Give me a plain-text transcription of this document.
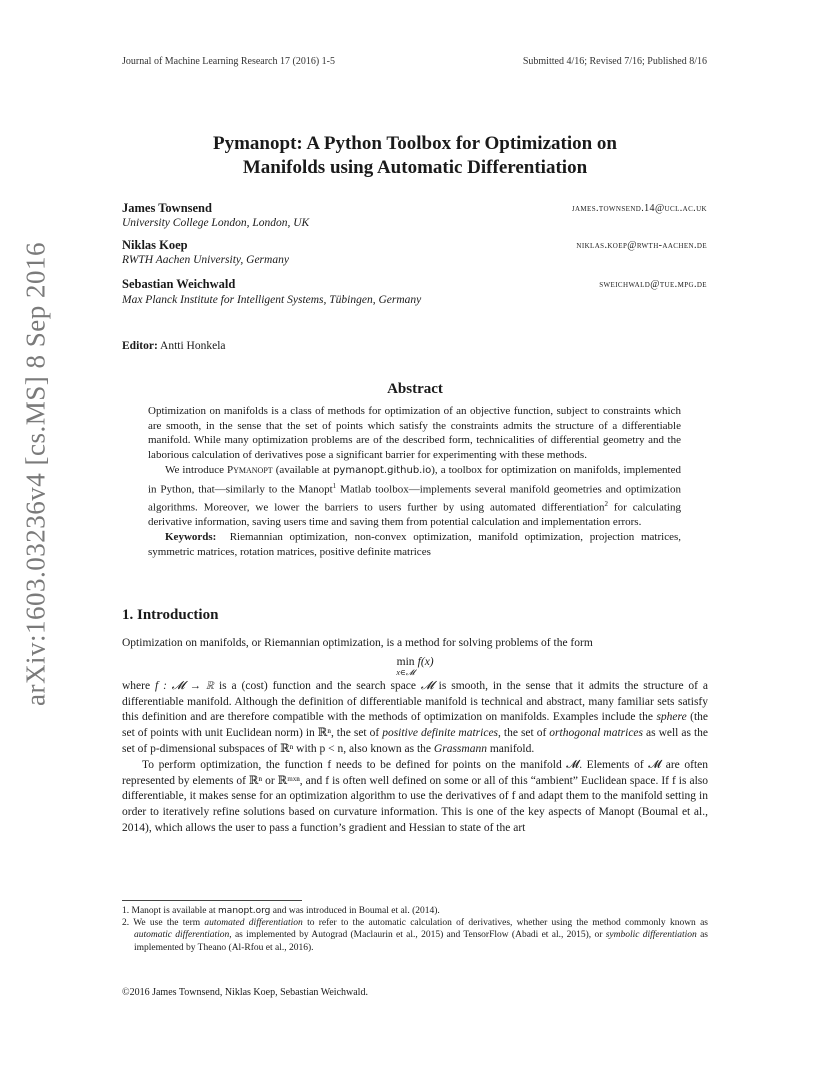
Journal of Machine Learning Research 17 (2016) 1-5	Submitted 4/16; Revised 7/16; Published 8/16
arXiv:1603.03236v4 [cs.MS] 8 Sep 2016
Pymanopt: A Python Toolbox for Optimization on
Manifolds using Automatic Differentiation
James Townsend
University College London, London, UK
james.townsend.14@ucl.ac.uk
Niklas Koep
RWTH Aachen University, Germany
niklas.koep@rwth-aachen.de
Sebastian Weichwald
Max Planck Institute for Intelligent Systems, Tübingen, Germany
sweichwald@tue.mpg.de
Editor: Antti Honkela
Abstract

Optimization on manifolds is a class of methods for optimization of an objective function, subject to constraints which are smooth, in the sense that the set of points which satisfy the constraints admits the structure of a differentiable manifold. While many optimization problems are of the described form, technicalities of differential geometry and the laborious calculation of derivatives pose a significant barrier for experimenting with these methods.

We introduce Pymanopt (available at pymanopt.github.io), a toolbox for optimization on manifolds, implemented in Python, that—similarly to the Manopt$^1$ Matlab toolbox—implements several manifold geometries and optimization algorithms. Moreover, we lower the barriers to users further by using automated differentiation$^2$ for calculating derivative information, saving users time and saving them from potential calculation and implementation errors.

Keywords: Riemannian optimization, non-convex optimization, manifold optimization, projection matrices, symmetric matrices, rotation matrices, positive definite matrices

1. Introduction

Optimization on manifolds, or Riemannian optimization, is a method for solving problems of the form

min
x∈𝓜
f(x)

where f : 𝓜 → ℝ is a (cost) function and the search space 𝓜 is smooth, in the sense that it admits the structure of a differentiable manifold. Although the definition of differentiable manifold is technical and abstract, many familiar sets satisfy this definition and are therefore compatible with the methods of optimization on manifolds. Examples include the sphere (the set of points with unit Euclidean norm) in ℝⁿ, the set of positive definite matrices, the set of orthogonal matrices as well as the set of p-dimensional subspaces of ℝⁿ with p < n, also known as the Grassmann manifold.

To perform optimization, the function f needs to be defined for points on the manifold 𝓜. Elements of 𝓜 are often represented by elements of ℝⁿ or ℝᵐˣⁿ, and f is often well defined on some or all of this “ambient” Euclidean space. If f is also differentiable, it makes sense for an optimization algorithm to use the derivatives of f and adapt them to the manifold setting in order to iteratively refine solutions based on curvature information. This is one of the key aspects of Manopt (Boumal et al., 2014), which allows the user to pass a function’s gradient and Hessian to state of the art

1. Manopt is available at manopt.org and was introduced in Boumal et al. (2014).
2. We use the term automated differentiation to refer to the automatic calculation of derivatives, whether using the method commonly known as automatic differentiation, as implemented by Autograd (Maclaurin et al., 2015) and TensorFlow (Abadi et al., 2015), or symbolic differentiation as implemented by Theano (Al-Rfou et al., 2016).
©2016 James Townsend, Niklas Koep, Sebastian Weichwald.
